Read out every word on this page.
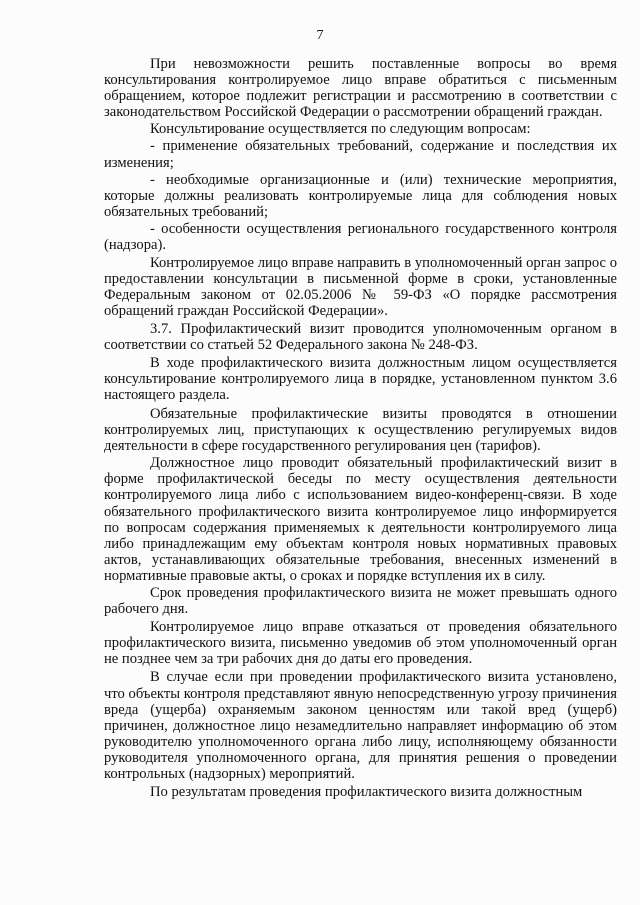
7

При невозможности решить поставленные вопросы во время консультирования контролируемое лицо вправе обратиться с письменным обращением, которое подлежит регистрации и рассмотрению в соответствии с законодательством Российской Федерации о рассмотрении обращений граждан.

Консультирование осуществляется по следующим вопросам:

- применение обязательных требований, содержание и последствия их изменения;

- необходимые организационные и (или) технические мероприятия, которые должны реализовать контролируемые лица для соблюдения новых обязательных требований;

- особенности осуществления регионального государственного контроля (надзора).

Контролируемое лицо вправе направить в уполномоченный орган запрос о предоставлении консультации в письменной форме в сроки, установленные Федеральным законом от 02.05.2006 № 59-ФЗ «О порядке рассмотрения обращений граждан Российской Федерации».

3.7. Профилактический визит проводится уполномоченным органом в соответствии со статьей 52 Федерального закона № 248-ФЗ.

В ходе профилактического визита должностным лицом осуществляется консультирование контролируемого лица в порядке, установленном пунктом 3.6 настоящего раздела.

Обязательные профилактические визиты проводятся в отношении контролируемых лиц, приступающих к осуществлению регулируемых видов деятельности в сфере государственного регулирования цен (тарифов).

Должностное лицо проводит обязательный профилактический визит в форме профилактической беседы по месту осуществления деятельности контролируемого лица либо с использованием видео-конференц-связи. В ходе обязательного профилактического визита контролируемое лицо информируется по вопросам содержания применяемых к деятельности контролируемого лица либо принадлежащим ему объектам контроля новых нормативных правовых актов, устанавливающих обязательные требования, внесенных изменений в нормативные правовые акты, о сроках и порядке вступления их в силу.

Срок проведения профилактического визита не может превышать одного рабочего дня.

Контролируемое лицо вправе отказаться от проведения обязательного профилактического визита, письменно уведомив об этом уполномоченный орган не позднее чем за три рабочих дня до даты его проведения.

В случае если при проведении профилактического визита установлено, что объекты контроля представляют явную непосредственную угрозу причинения вреда (ущерба) охраняемым законом ценностям или такой вред (ущерб) причинен, должностное лицо незамедлительно направляет информацию об этом руководителю уполномоченного органа либо лицу, исполняющему обязанности руководителя уполномоченного органа, для принятия решения о проведении контрольных (надзорных) мероприятий.

По результатам проведения профилактического визита должностным
